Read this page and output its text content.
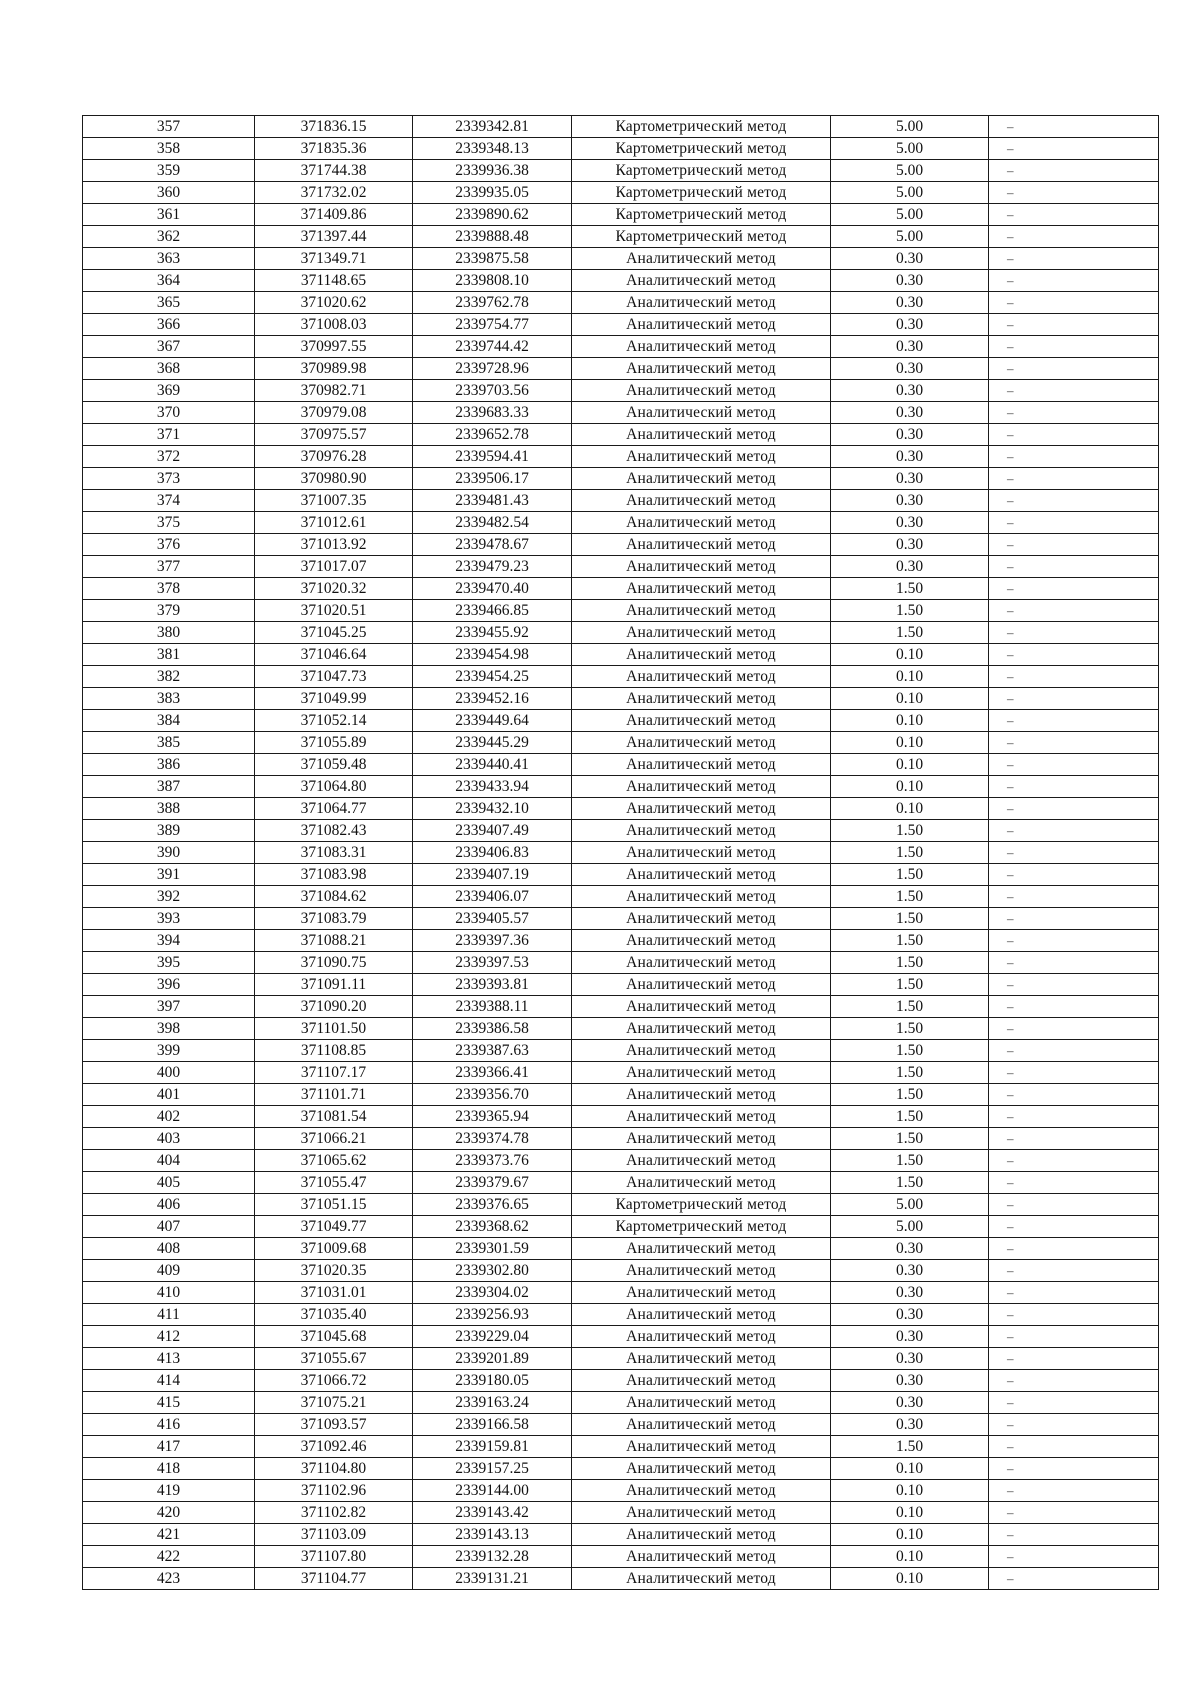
357	371836.15	2339342.81	Картометрический метод	5.00	–
358	371835.36	2339348.13	Картометрический метод	5.00	–
359	371744.38	2339936.38	Картометрический метод	5.00	–
360	371732.02	2339935.05	Картометрический метод	5.00	–
361	371409.86	2339890.62	Картометрический метод	5.00	–
362	371397.44	2339888.48	Картометрический метод	5.00	–
363	371349.71	2339875.58	Аналитический метод	0.30	–
364	371148.65	2339808.10	Аналитический метод	0.30	–
365	371020.62	2339762.78	Аналитический метод	0.30	–
366	371008.03	2339754.77	Аналитический метод	0.30	–
367	370997.55	2339744.42	Аналитический метод	0.30	–
368	370989.98	2339728.96	Аналитический метод	0.30	–
369	370982.71	2339703.56	Аналитический метод	0.30	–
370	370979.08	2339683.33	Аналитический метод	0.30	–
371	370975.57	2339652.78	Аналитический метод	0.30	–
372	370976.28	2339594.41	Аналитический метод	0.30	–
373	370980.90	2339506.17	Аналитический метод	0.30	–
374	371007.35	2339481.43	Аналитический метод	0.30	–
375	371012.61	2339482.54	Аналитический метод	0.30	–
376	371013.92	2339478.67	Аналитический метод	0.30	–
377	371017.07	2339479.23	Аналитический метод	0.30	–
378	371020.32	2339470.40	Аналитический метод	1.50	–
379	371020.51	2339466.85	Аналитический метод	1.50	–
380	371045.25	2339455.92	Аналитический метод	1.50	–
381	371046.64	2339454.98	Аналитический метод	0.10	–
382	371047.73	2339454.25	Аналитический метод	0.10	–
383	371049.99	2339452.16	Аналитический метод	0.10	–
384	371052.14	2339449.64	Аналитический метод	0.10	–
385	371055.89	2339445.29	Аналитический метод	0.10	–
386	371059.48	2339440.41	Аналитический метод	0.10	–
387	371064.80	2339433.94	Аналитический метод	0.10	–
388	371064.77	2339432.10	Аналитический метод	0.10	–
389	371082.43	2339407.49	Аналитический метод	1.50	–
390	371083.31	2339406.83	Аналитический метод	1.50	–
391	371083.98	2339407.19	Аналитический метод	1.50	–
392	371084.62	2339406.07	Аналитический метод	1.50	–
393	371083.79	2339405.57	Аналитический метод	1.50	–
394	371088.21	2339397.36	Аналитический метод	1.50	–
395	371090.75	2339397.53	Аналитический метод	1.50	–
396	371091.11	2339393.81	Аналитический метод	1.50	–
397	371090.20	2339388.11	Аналитический метод	1.50	–
398	371101.50	2339386.58	Аналитический метод	1.50	–
399	371108.85	2339387.63	Аналитический метод	1.50	–
400	371107.17	2339366.41	Аналитический метод	1.50	–
401	371101.71	2339356.70	Аналитический метод	1.50	–
402	371081.54	2339365.94	Аналитический метод	1.50	–
403	371066.21	2339374.78	Аналитический метод	1.50	–
404	371065.62	2339373.76	Аналитический метод	1.50	–
405	371055.47	2339379.67	Аналитический метод	1.50	–
406	371051.15	2339376.65	Картометрический метод	5.00	–
407	371049.77	2339368.62	Картометрический метод	5.00	–
408	371009.68	2339301.59	Аналитический метод	0.30	–
409	371020.35	2339302.80	Аналитический метод	0.30	–
410	371031.01	2339304.02	Аналитический метод	0.30	–
411	371035.40	2339256.93	Аналитический метод	0.30	–
412	371045.68	2339229.04	Аналитический метод	0.30	–
413	371055.67	2339201.89	Аналитический метод	0.30	–
414	371066.72	2339180.05	Аналитический метод	0.30	–
415	371075.21	2339163.24	Аналитический метод	0.30	–
416	371093.57	2339166.58	Аналитический метод	0.30	–
417	371092.46	2339159.81	Аналитический метод	1.50	–
418	371104.80	2339157.25	Аналитический метод	0.10	–
419	371102.96	2339144.00	Аналитический метод	0.10	–
420	371102.82	2339143.42	Аналитический метод	0.10	–
421	371103.09	2339143.13	Аналитический метод	0.10	–
422	371107.80	2339132.28	Аналитический метод	0.10	–
423	371104.77	2339131.21	Аналитический метод	0.10	–
